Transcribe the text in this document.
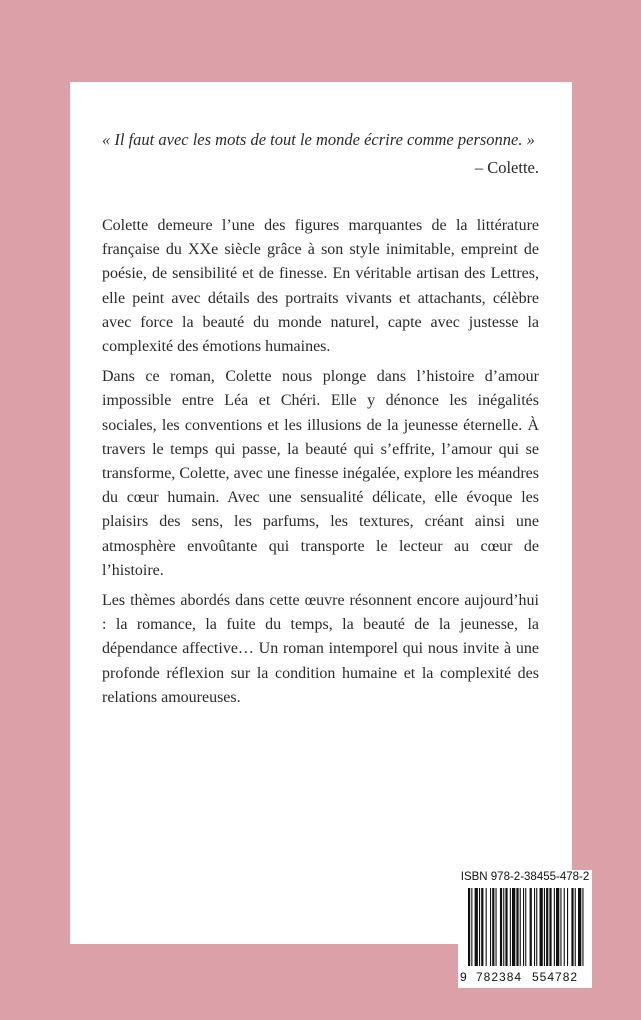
« Il faut avec les mots de tout le monde écrire comme personne. »
– Colette.

Colette demeure l’une des figures marquantes de la littérature française du XXe siècle grâce à son style inimitable, empreint de poésie, de sensibilité et de finesse. En véritable artisan des Lettres, elle peint avec détails des portraits vivants et attachants, célèbre avec force la beauté du monde naturel, capte avec justesse la complexité des émotions humaines.

Dans ce roman, Colette nous plonge dans l’histoire d’amour impossible entre Léa et Chéri. Elle y dénonce les inégalités sociales, les conventions et les illusions de la jeunesse éternelle. À travers le temps qui passe, la beauté qui s’effrite, l’amour qui se transforme, Colette, avec une finesse inégalée, explore les méandres du cœur humain. Avec une sensualité délicate, elle évoque les plaisirs des sens, les parfums, les textures, créant ainsi une atmosphère envoûtante qui transporte le lecteur au cœur de l’histoire.

Les thèmes abordés dans cette œuvre résonnent encore aujourd’hui : la romance, la fuite du temps, la beauté de la jeunesse, la dépendance affective… Un roman intemporel qui nous invite à une profonde réflexion sur la condition humaine et la complexité des relations amoureuses.

ISBN 978-2-38455-478-2
9 782384 554782
